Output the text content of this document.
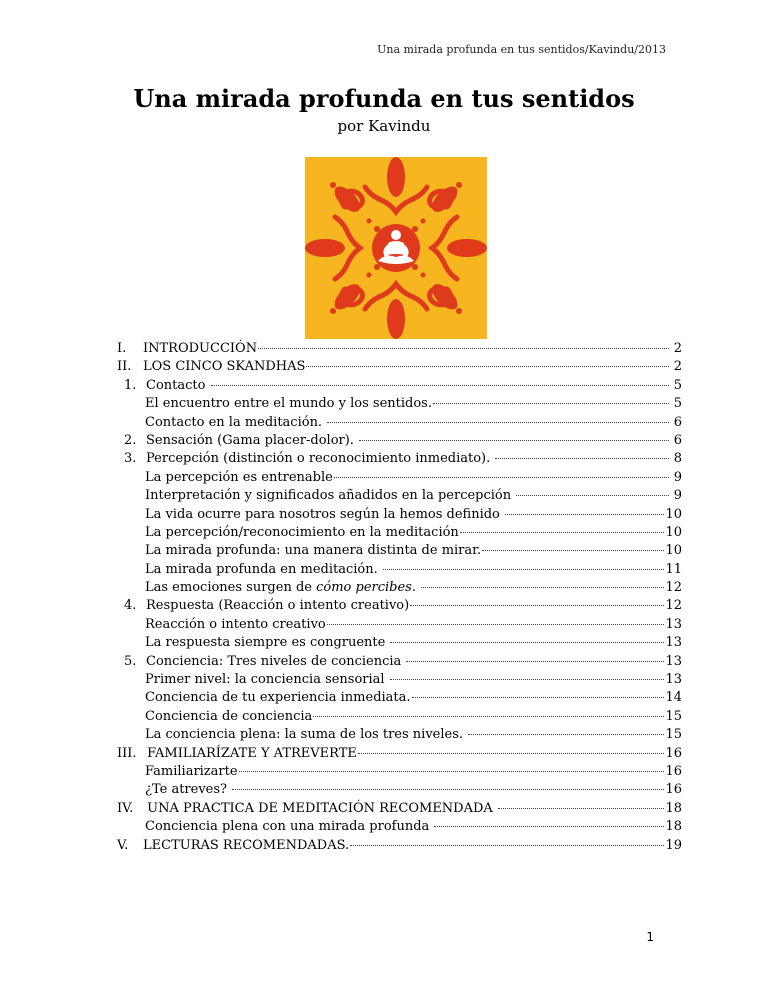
Una mirada profunda en tus sentidos/Kavindu/2013
Una mirada profunda en tus sentidos
por Kavindu
I.	INTRODUCCIÓN	2
II. LOS CINCO SKANDHAS	2
1. Contacto	5
El encuentro entre el mundo y los sentidos.	5
Contacto en la meditación.	6
2. Sensación (Gama placer-dolor).	6
3. Percepción (distinción o reconocimiento inmediato).	8
La percepción es entrenable	9
Interpretación y significados añadidos en la percepción	9
La vida ocurre para nosotros según la hemos definido	10
La percepción/reconocimiento en la meditación	10
La mirada profunda: una manera distinta de mirar.	10
La mirada profunda en meditación.	11
Las emociones surgen de cómo percibes.	12
4. Respuesta (Reacción o intento creativo)	12
Reacción o intento creativo	13
La respuesta siempre es congruente	13
5. Conciencia: Tres niveles de conciencia	13
Primer nivel: la conciencia sensorial	13
Conciencia de tu experiencia inmediata.	14
Conciencia de conciencia	15
La conciencia plena: la suma de los tres niveles.	15
III. FAMILIARÍZATE Y ATREVERTE	16
Familiarizarte	16
¿Te atreves?	16
IV. UNA PRACTICA DE MEDITACIÓN RECOMENDADA	18
Conciencia plena con una mirada profunda	18
V.	LECTURAS RECOMENDADAS.	19
1
